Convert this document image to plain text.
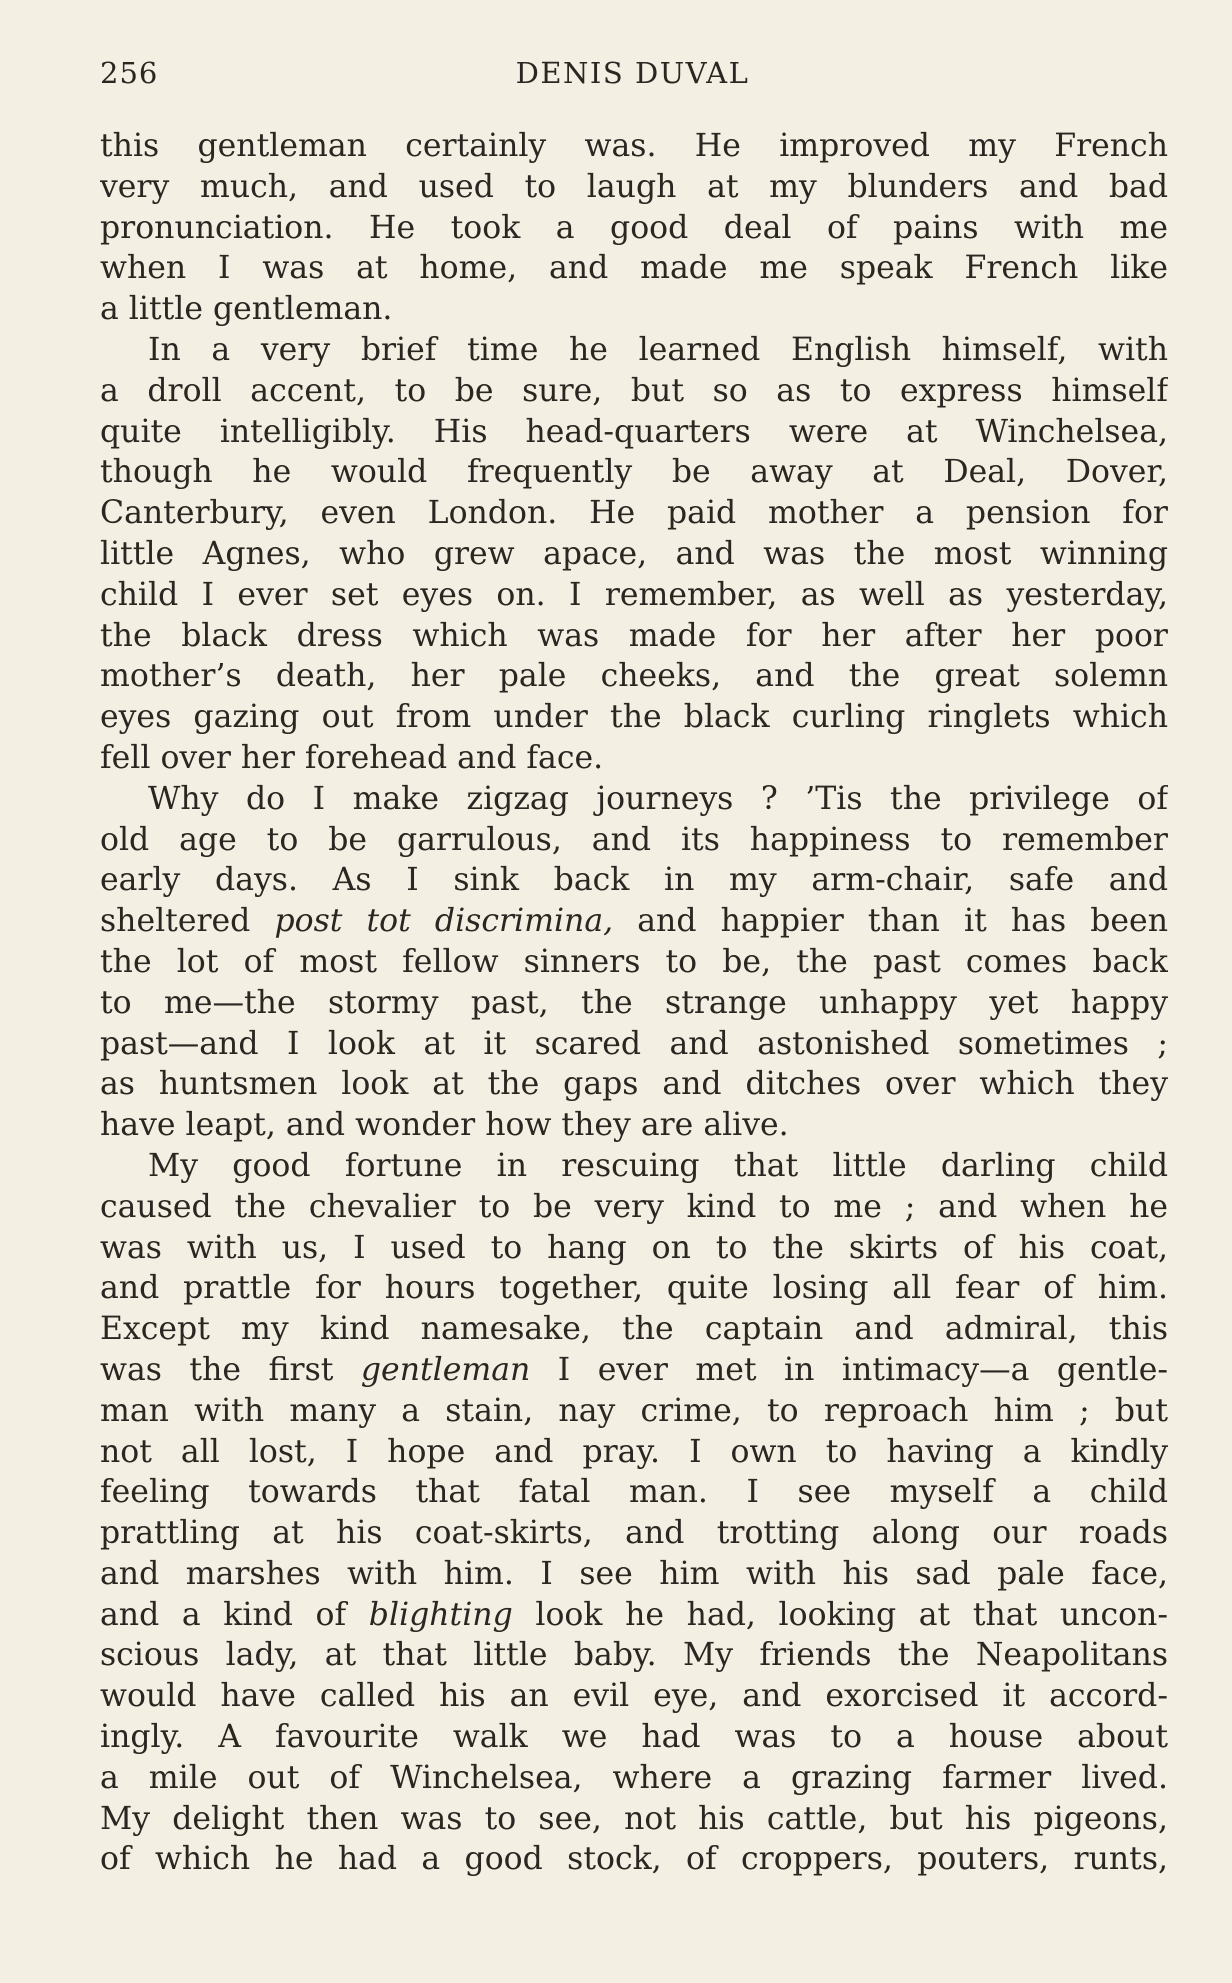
256	DENIS DUVAL
this gentleman certainly was. He improved my French
very much, and used to laugh at my blunders and bad
pronunciation. He took a good deal of pains with me
when I was at home, and made me speak French like
a little gentleman.
In a very brief time he learned English himself, with
a droll accent, to be sure, but so as to express himself
quite intelligibly. His head-quarters were at Winchelsea,
though he would frequently be away at Deal, Dover,
Canterbury, even London. He paid mother a pension for
little Agnes, who grew apace, and was the most winning
child I ever set eyes on. I remember, as well as yesterday,
the black dress which was made for her after her poor
mother’s death, her pale cheeks, and the great solemn
eyes gazing out from under the black curling ringlets which
fell over her forehead and face.
Why do I make zigzag journeys ? ’Tis the privilege of
old age to be garrulous, and its happiness to remember
early days. As I sink back in my arm-chair, safe and
sheltered post tot discrimina, and happier than it has been
the lot of most fellow sinners to be, the past comes back
to me—the stormy past, the strange unhappy yet happy
past—and I look at it scared and astonished sometimes ;
as huntsmen look at the gaps and ditches over which they
have leapt, and wonder how they are alive.
My good fortune in rescuing that little darling child
caused the chevalier to be very kind to me ; and when he
was with us, I used to hang on to the skirts of his coat,
and prattle for hours together, quite losing all fear of him.
Except my kind namesake, the captain and admiral, this
was the first gentleman I ever met in intimacy—a gentle-
man with many a stain, nay crime, to reproach him ; but
not all lost, I hope and pray. I own to having a kindly
feeling towards that fatal man. I see myself a child
prattling at his coat-skirts, and trotting along our roads
and marshes with him. I see him with his sad pale face,
and a kind of blighting look he had, looking at that uncon-
scious lady, at that little baby. My friends the Neapolitans
would have called his an evil eye, and exorcised it accord-
ingly. A favourite walk we had was to a house about
a mile out of Winchelsea, where a grazing farmer lived.
My delight then was to see, not his cattle, but his pigeons,
of which he had a good stock, of croppers, pouters, runts,
